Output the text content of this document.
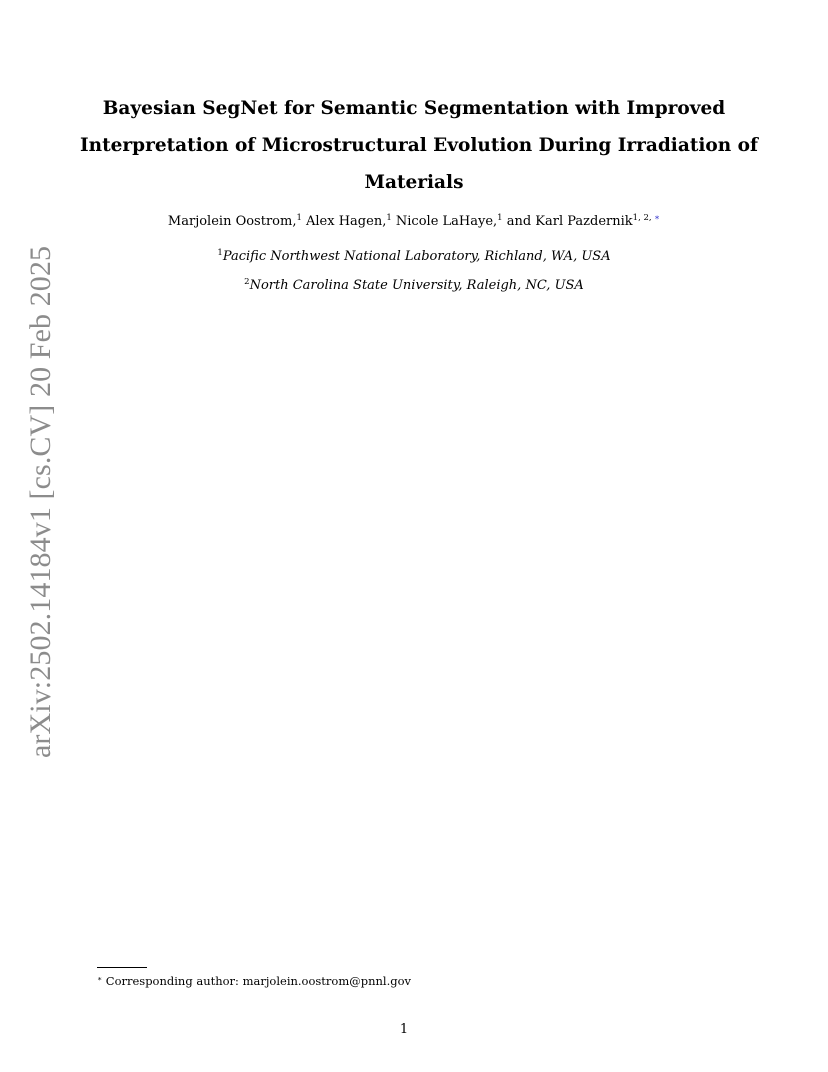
Bayesian SegNet for Semantic Segmentation with Improved
Interpretation of Microstructural Evolution During Irradiation of
Materials
Marjolein Oostrom,$^1$ Alex Hagen,$^1$ Nicole LaHaye,$^1$ and Karl Pazdernik$^{1, 2,}$ ∗
$^1$Pacific Northwest National Laboratory, Richland, WA, USA
$^2$North Carolina State University, Raleigh, NC, USA
arXiv:2502.14184v1 [cs.CV] 20 Feb 2025
∗ Corresponding author: marjolein.oostrom@pnnl.gov
1
